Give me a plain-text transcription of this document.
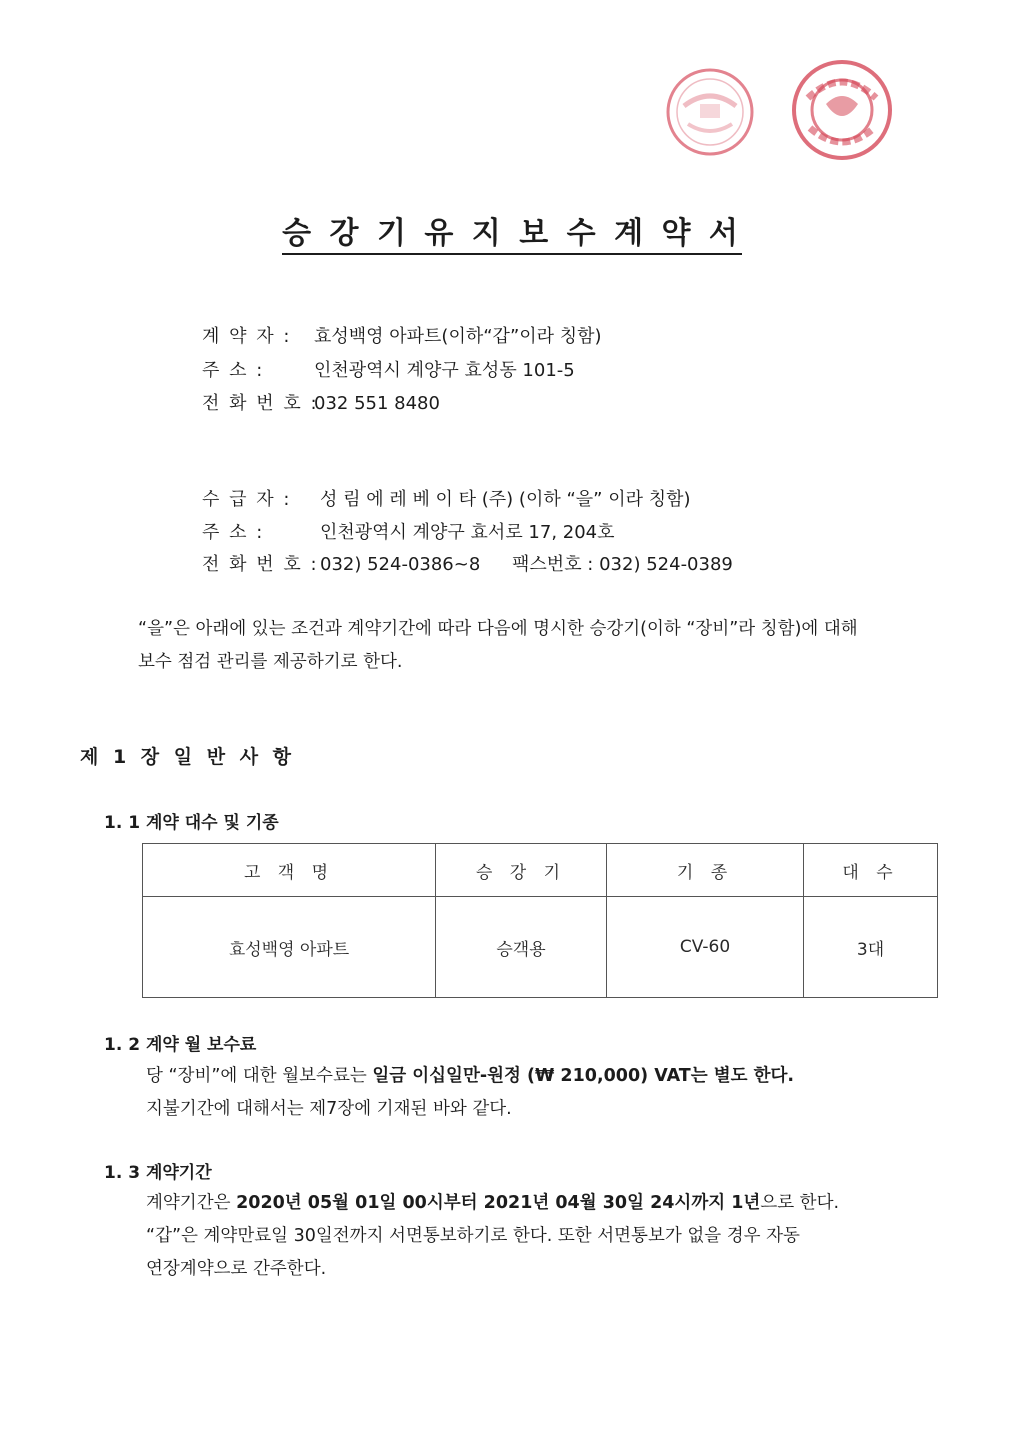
승 강 기 유 지 보 수 계 약 서
계 약 자 : 효성백영 아파트(이하“갑”이라 칭함)
주 소 :	인천광역시 계양구 효성동 101-5
전 화 번 호 :032 551 8480
수 급 자 : 성 림 에 레 베 이 타 (주) (이하 “을” 이라 칭함)
주 소 :	인천광역시 계양구 효서로 17, 204호
전 화 번 호 :032) 524-0386~8 팩스번호 : 032) 524-0389
“을”은 아래에 있는 조건과 계약기간에 따라 다음에 명시한 승강기(이하 “장비”라 칭함)에 대해
보수 점검 관리를 제공하기로 한다.
제 1 장 일 반 사 항
1. 1 계약 대수 및 기종
고 객 명	승 강 기	기 종	대 수
효성백영 아파트	승객용	CV-60	3대
1. 2 계약 월 보수료
당 “장비”에 대한 월보수료는 일금 이십일만-원정 (₩ 210,000) VAT는 별도 한다.
지불기간에 대해서는 제7장에 기재된 바와 같다.
1. 3 계약기간
계약기간은 2020년 05월 01일 00시부터 2021년 04월 30일 24시까지 1년으로 한다.
“갑”은 계약만료일 30일전까지 서면통보하기로 한다. 또한 서면통보가 없을 경우 자동
연장계약으로 간주한다.
